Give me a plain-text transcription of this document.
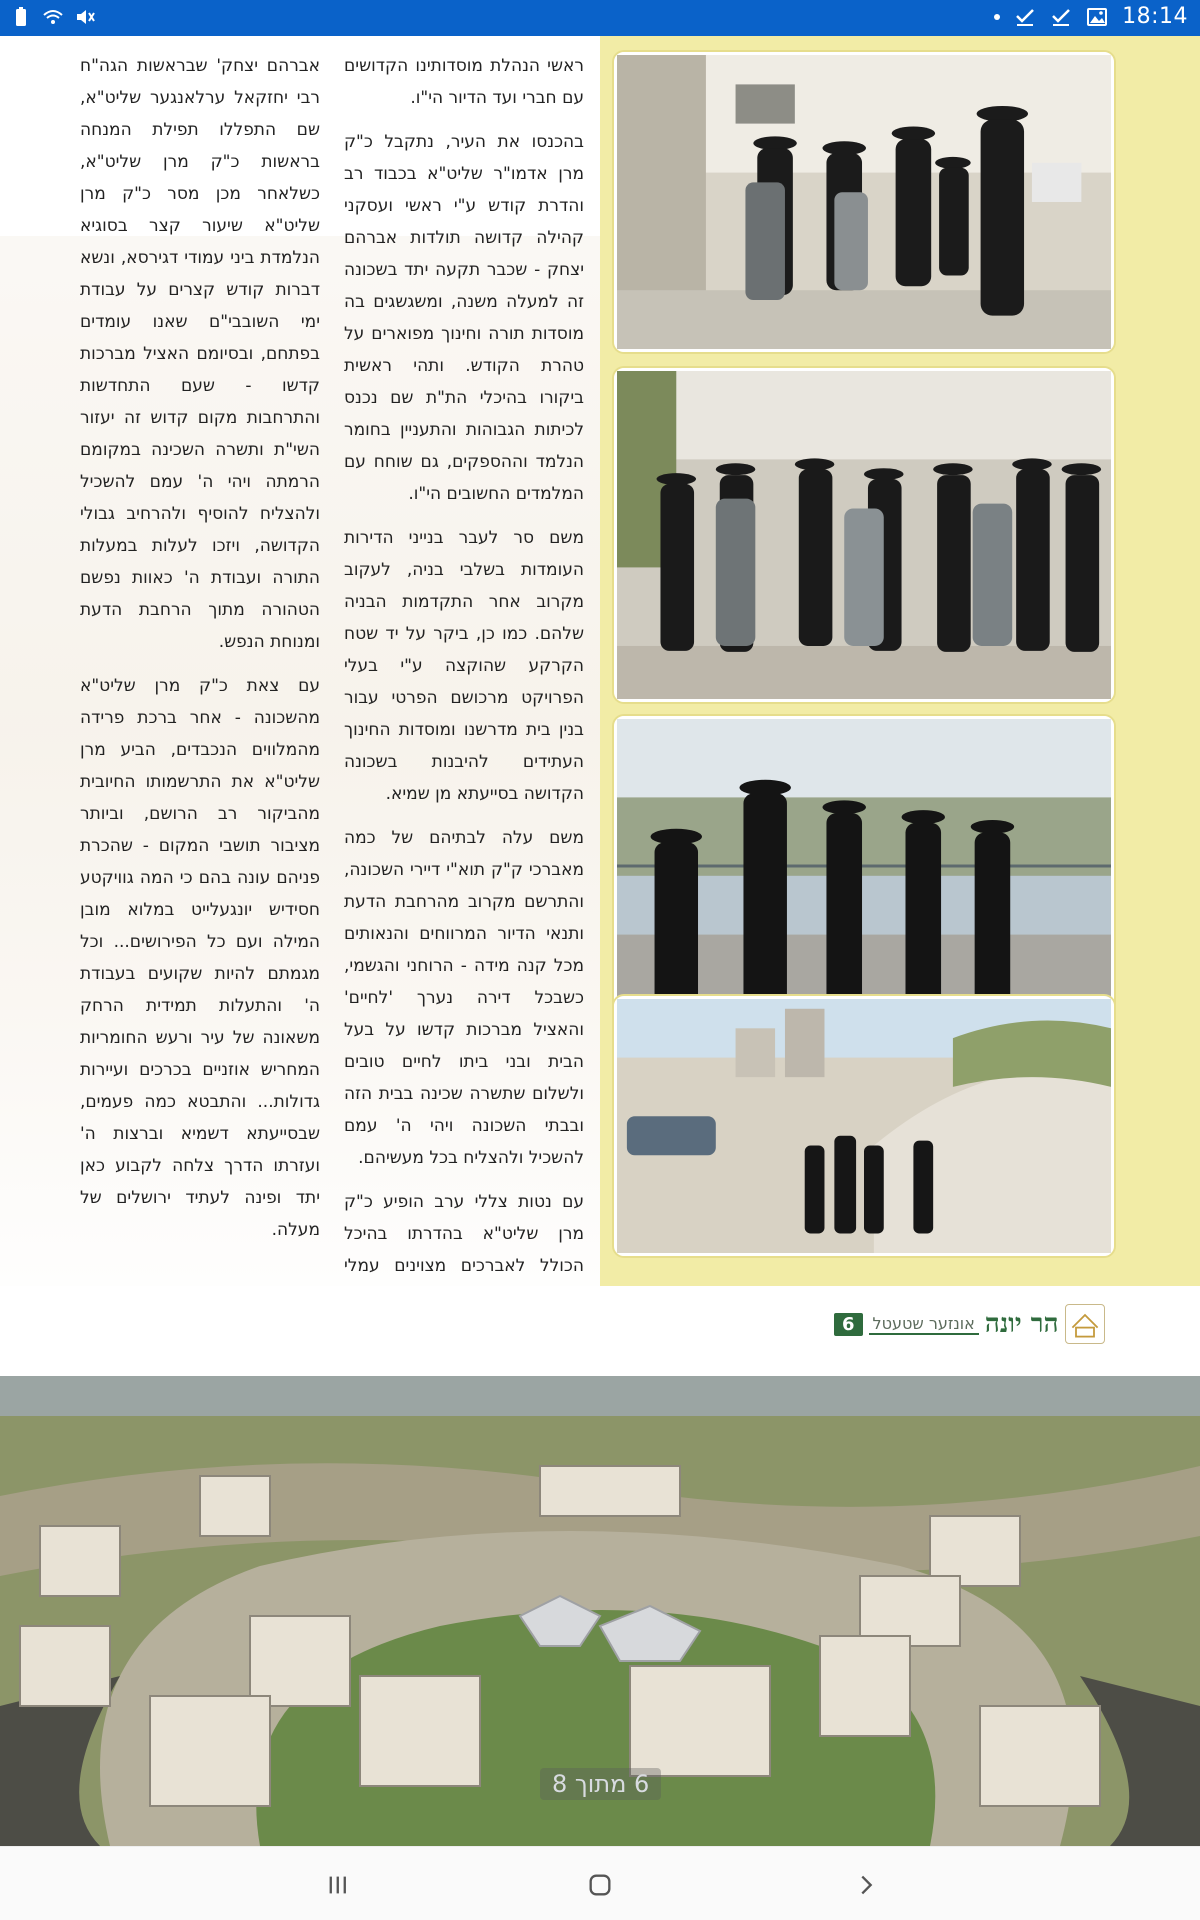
18:14

ראשי הנהלת מוסדותינו הקדושים עם חברי ועד הדיור הי"ו.

בהכנסו את העיר, נתקבל כ"ק מרן אדמו"ר שליט"א בכבוד רב והדרת קודש ע"י ראשי ועסקני קהילה קדושה תולדות אברהם יצחק - שכבר תקעה יתד בשכונה זה למעלה משנה, ומשגשגים בה מוסדות תורה וחינוך מפוארים על טהרת הקודש. ותהי ראשית ביקורו בהיכלי הת"ת שם נכנס לכיתות הגבוהות והתעניין בחומר הנלמד וההספקים, גם שוחח עם המלמדים החשובים הי"ו.

משם סר לעבר בנייני הדירות העומדות בשלבי בניה, לעקוב מקרוב אחר התקדמות הבניה שלהם. כמו כן, ביקר על יד שטח הקרקע שהוקצה ע"י בעלי הפרויקט מרכושם הפרטי עבור בנין בית מדרשנו ומוסדות החינוך העתידים להיבנות בשכונה הקדושה בסייעתא מן שמיא.

משם עלה לבתיהם של כמה מאברכי ק"ק תוא"י דיירי השכונה, והתרשם מקרוב מהרחבת הדעת ותנאי הדיור המרווחים והנאותים מכל קנה מידה - הרוחני והגשמי, כשבכל דירה נערך 'לחיים' והאציל מברכות קדשו על בעל הבית ובני ביתו לחיים טובים ולשלום שתשרה שכינה בבית הזה ובבתי השכונה ויהי ה' עמם להשכיל ולהצליח בכל מעשיהם.

עם נטות צללי ערב הופיע כ"ק מרן שליט"א בהדרתו בהיכל הכולל לאברכים מצוינים עמלי

אברהם יצחק' שבראשות הגה"ח רבי יחזקאל ערלאנגער שליט"א, שם התפללו תפילת המנחה בראשות כ"ק מרן שליט"א, כשלאחר מכן מסר כ"ק מרן שליט"א שיעור קצר בסוגיא הנלמדת ביני עמודי דגירסא, ונשא דברות קודש קצרים על עבודת ימי השובבי"ם שאנו עומדים בפתחם, ובסיומם האציל מברכות קדשו - שעם התחדשות והתרחבות מקום קדוש זה יעזור השי"ת ותשרה השכינה במקומם הרמתה ויהי ה' עמם להשכיל ולהצליח להוסיף ולהרחיב גבולי הקדושה, ויזכו לעלות במעלות התורה ועבודת ה' כאוות נפשם הטהורה מתוך הרחבת הדעת ומנוחת הנפש.

עם צאת כ"ק מרן שליט"א מהשכונה - אחר ברכת פרידה מהמלווים הנכבדים, הביע מרן שליט"א את התרשמותו החיובית מהביקור רב הרושם, וביותר מציבור תושבי המקום - שהכרת פניהם עונה בהם כי המה גוויקטע חסידיש יונגעלייט במלוא מובן המילה ועם כל הפירושים... וכל מגמתם להיות שקועים בעבודת ה' והתעלות תמידית הרחק משאונה של עיר ורעש החומריות המחריש אוזניים בכרכים ועיירות גדולות... והתבטא כמה פעמים, שבסייעתא דשמיא וברצות ה' ועזרתו הדרך צלחה לקבוע כאן יתד ופינה לעתיד ירושלים של מעלה.

6	אונזער שטעטל הר יונה
6 מתוך 8
